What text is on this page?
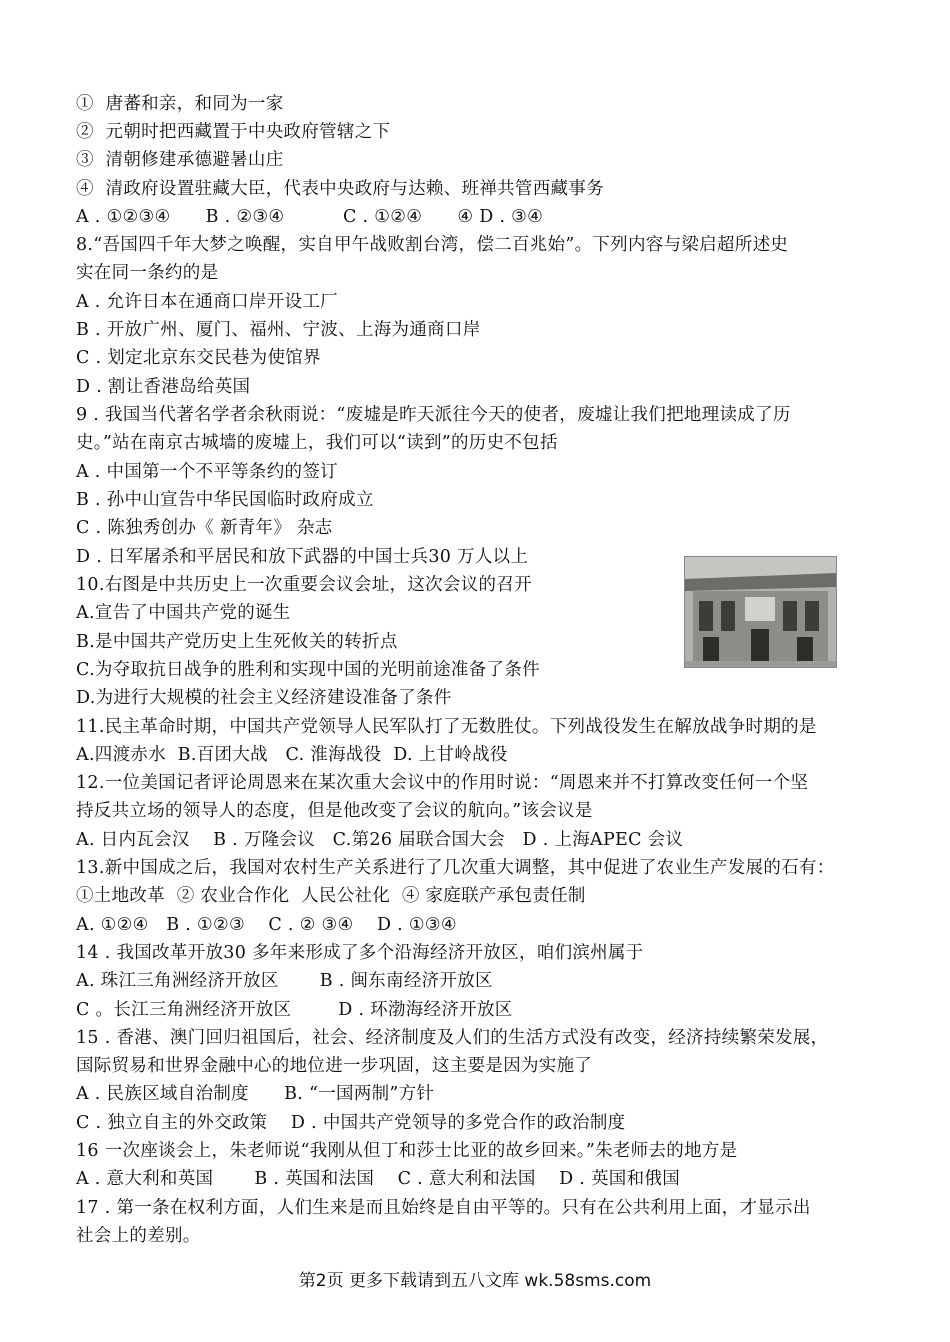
①  唐蕃和亲，和同为一家
②  元朝时把西藏置于中央政府管辖之下
③  清朝修建承德避暑山庄
④  清政府设置驻藏大臣，代表中央政府与达赖、班禅共管西藏事务
A . ①②③④      B . ②③④          C . ①②④      ④ D . ③④
8.“吾国四千年大梦之唤醒，实自甲午战败割台湾，偿二百兆始”。下列内容与梁启超所述史
实在同一条约的是
A . 允许日本在通商口岸开设工厂
B . 开放广州、厦门、福州、宁波、上海为通商口岸
C . 划定北京东交民巷为使馆界
D . 割让香港岛给英国
9 . 我国当代著名学者余秋雨说：“废墟是昨天派往今天的使者，废墟让我们把地理读成了历
史。”站在南京古城墙的废墟上，我们可以“读到”的历史不包括
A . 中国第一个不平等条约的签订
B . 孙中山宣告中华民国临时政府成立
C . 陈独秀创办《 新青年》 杂志
D . 日军屠杀和平居民和放下武器的中国士兵30 万人以上
10.右图是中共历史上一次重要会议会址，这次会议的召开
A.宣告了中国共产党的诞生
B.是中国共产党历史上生死攸关的转折点
C.为夺取抗日战争的胜利和实现中国的光明前途准备了条件
D.为进行大规模的社会主义经济建设准备了条件
11.民主革命时期，中国共产党领导人民军队打了无数胜仗。下列战役发生在解放战争时期的是
A.四渡赤水  B.百团大战   C. 淮海战役  D. 上甘岭战役
12.一位美国记者评论周恩来在某次重大会议中的作用时说：“周恩来并不打算改变任何一个坚
持反共立场的领导人的态度，但是他改变了会议的航向。”该会议是
A. 日内瓦会汉    B . 万隆会议   C.第26 届联合国大会   D . 上海APEC 会议
13.新中国成之后，我国对农村生产关系进行了几次重大调整，其中促进了农业生产发展的石有：
①土地改革  ② 农业合作化  人民公社化  ④ 家庭联产承包责任制
A. ①②④   B . ①②③    C . ② ③④    D . ①③④
14 . 我国改革开放30 多年来形成了多个沿海经济开放区，咱们滨州属于
A. 珠江三角洲经济开放区       B . 闽东南经济开放区
C 。长江三角洲经济开放区        D . 环渤海经济开放区
15 . 香港、澳门回归祖国后，社会、经济制度及人们的生活方式没有改变，经济持续繁荣发展，
国际贸易和世界金融中心的地位进一步巩固，这主要是因为实施了
A . 民族区域自治制度      B. “一国两制”方针
C . 独立自主的外交政策    D . 中国共产党领导的多党合作的政治制度
16 一次座谈会上，朱老师说“我刚从但丁和莎士比亚的故乡回来。”朱老师去的地方是
A . 意大利和英国       B . 英国和法国    C . 意大利和法国    D . 英国和俄国
17 . 第一条在权利方面，人们生来是而且始终是自由平等的。只有在公共利用上面，才显示出
社会上的差别。
第2页 更多下载请到五八文库 wk.58sms.com
